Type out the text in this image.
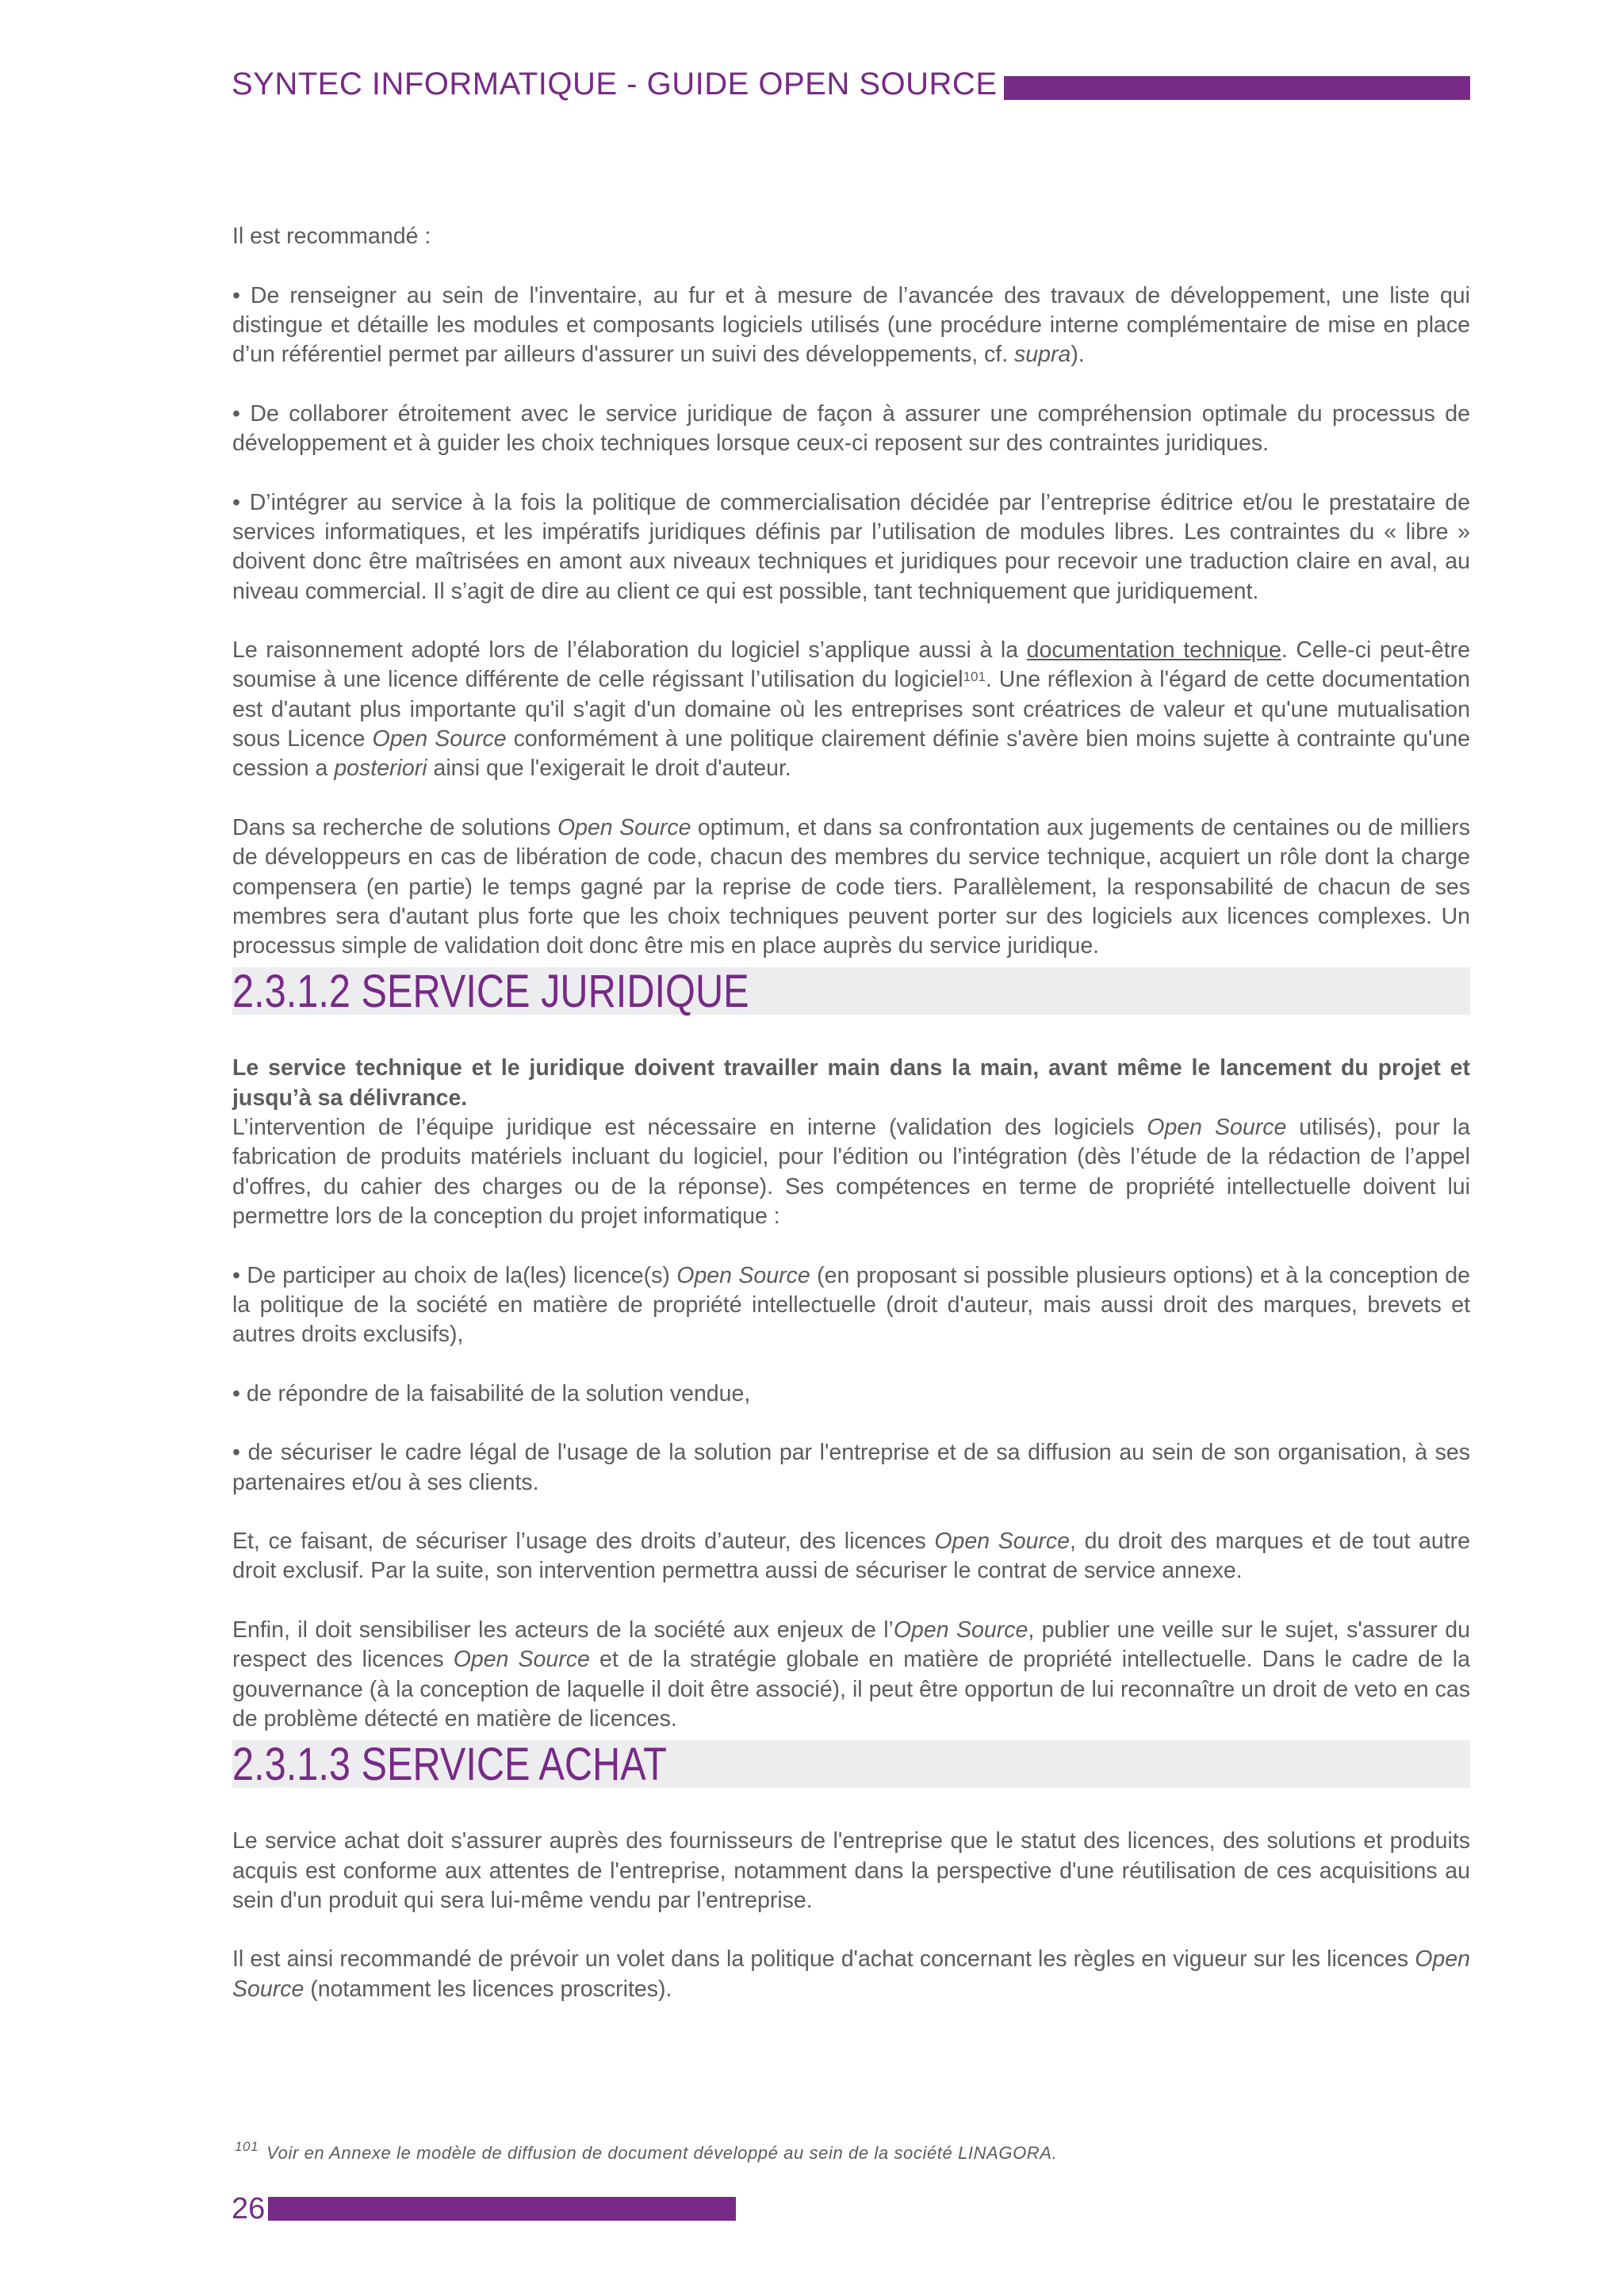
SYNTEC INFORMATIQUE - GUIDE OPEN SOURCE

Il est recommandé :

• De renseigner au sein de l'inventaire, au fur et à mesure de l’avancée des travaux de développement, une liste qui distingue et détaille les modules et composants logiciels utilisés (une procédure interne complémentaire de mise en place d’un référentiel permet par ailleurs d'assurer un suivi des développements, cf. supra).

• De collaborer étroitement avec le service juridique de façon à assurer une compréhension optimale du processus de développement et à guider les choix techniques lorsque ceux-ci reposent sur des contraintes juridiques.

• D’intégrer au service à la fois la politique de commercialisation décidée par l’entreprise éditrice et/ou le prestataire de services informatiques, et les impératifs juridiques définis par l’utilisation de modules libres. Les contraintes du « libre » doivent donc être maîtrisées en amont aux niveaux techniques et juridiques pour recevoir une traduction claire en aval, au niveau commercial. Il s’agit de dire au client ce qui est possible, tant techniquement que juridiquement.

Le raisonnement adopté lors de l’élaboration du logiciel s’applique aussi à la documentation technique. Celle-ci peut-être soumise à une licence différente de celle régissant l’utilisation du logiciel$^{101}$. Une réflexion à l'égard de cette documentation est d'autant plus importante qu'il s'agit d'un domaine où les entreprises sont créatrices de valeur et qu'une mutualisation sous Licence Open Source conformément à une politique clairement définie s'avère bien moins sujette à contrainte qu'une cession a posteriori ainsi que l'exigerait le droit d'auteur.

Dans sa recherche de solutions Open Source optimum, et dans sa confrontation aux jugements de centaines ou de milliers de développeurs en cas de libération de code, chacun des membres du service technique, acquiert un rôle dont la charge compensera (en partie) le temps gagné par la reprise de code tiers. Parallèlement, la responsabilité de chacun de ses membres sera d'autant plus forte que les choix techniques peuvent porter sur des logiciels aux licences complexes. Un processus simple de validation doit donc être mis en place auprès du service juridique.

2.3.1.2 SERVICE JURIDIQUE

Le service technique et le juridique doivent travailler main dans la main, avant même le lancement du projet et jusqu’à sa délivrance.

L’intervention de l’équipe juridique est nécessaire en interne (validation des logiciels Open Source utilisés), pour la fabrication de produits matériels incluant du logiciel, pour l'édition ou l'intégration (dès l’étude de la rédaction de l’appel d'offres, du cahier des charges ou de la réponse). Ses compétences en terme de propriété intellectuelle doivent lui permettre lors de la conception du projet informatique :

• De participer au choix de la(les) licence(s) Open Source (en proposant si possible plusieurs options) et à la conception de la politique de la société en matière de propriété intellectuelle (droit d'auteur, mais aussi droit des marques, brevets et autres droits exclusifs),

• de répondre de la faisabilité de la solution vendue,

• de sécuriser le cadre légal de l'usage de la solution par l'entreprise et de sa diffusion au sein de son organisation, à ses partenaires et/ou à ses clients.

Et, ce faisant, de sécuriser l’usage des droits d’auteur, des licences Open Source, du droit des marques et de tout autre droit exclusif. Par la suite, son intervention permettra aussi de sécuriser le contrat de service annexe.

Enfin, il doit sensibiliser les acteurs de la société aux enjeux de l’Open Source, publier une veille sur le sujet, s'assurer du respect des licences Open Source et de la stratégie globale en matière de propriété intellectuelle. Dans le cadre de la gouvernance (à la conception de laquelle il doit être associé), il peut être opportun de lui reconnaître un droit de veto en cas de problème détecté en matière de licences.

2.3.1.3 SERVICE ACHAT

Le service achat doit s'assurer auprès des fournisseurs de l'entreprise que le statut des licences, des solutions et produits acquis est conforme aux attentes de l'entreprise, notamment dans la perspective d'une réutilisation de ces acquisitions au sein d'un produit qui sera lui-même vendu par l'entreprise.

Il est ainsi recommandé de prévoir un volet dans la politique d'achat concernant les règles en vigueur sur les licences Open Source (notamment les licences proscrites).

$^{101}$ Voir en Annexe le modèle de diffusion de document développé au sein de la société LINAGORA.
26
